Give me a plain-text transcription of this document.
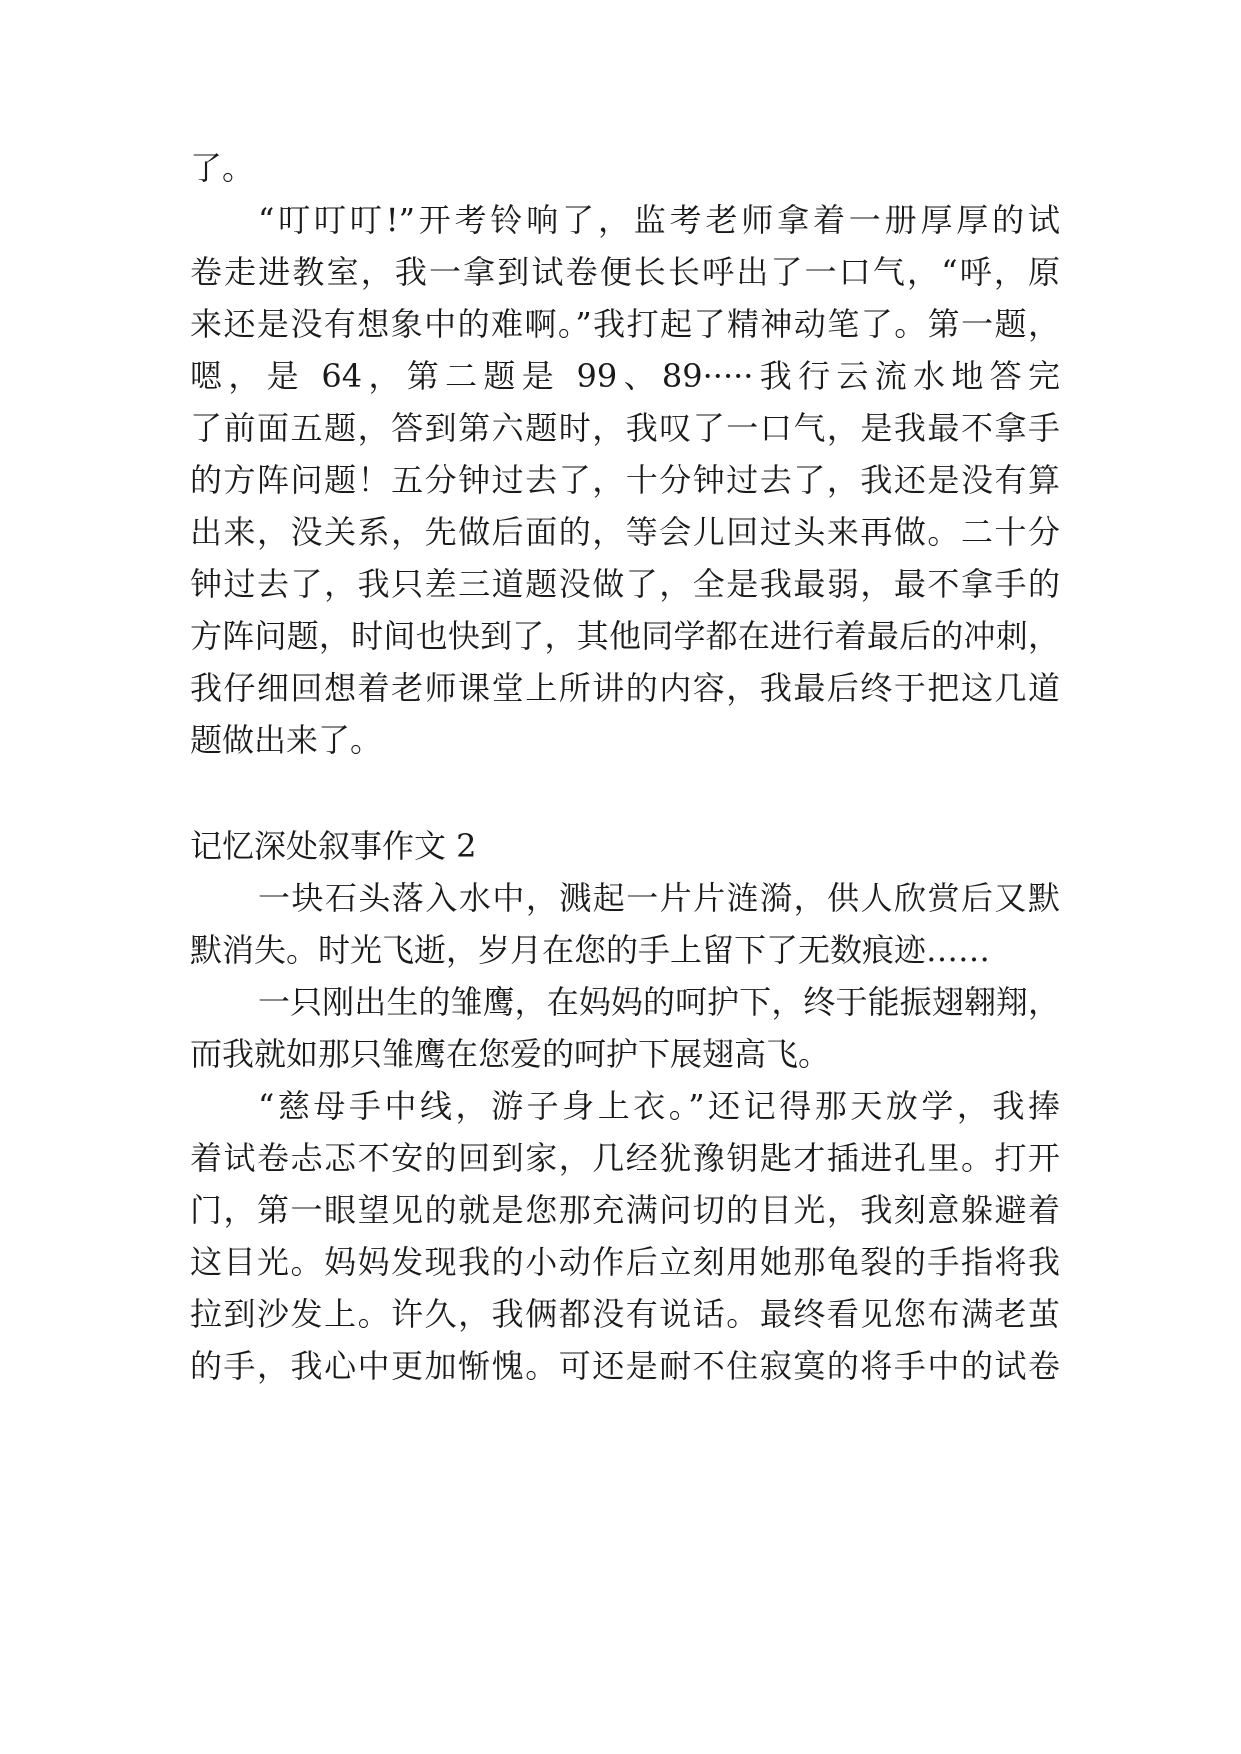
了。
“叮叮叮!”开考铃响了，监考老师拿着一册厚厚的试
卷走进教室，我一拿到试卷便长长呼出了一口气，“呼，原
来还是没有想象中的难啊。”我打起了精神动笔了。第一题，
嗯，是 64，第二题是 99、89·····我行云流水地答完
了前面五题，答到第六题时，我叹了一口气，是我最不拿手
的方阵问题！五分钟过去了，十分钟过去了，我还是没有算
出来，没关系，先做后面的，等会儿回过头来再做。二十分
钟过去了，我只差三道题没做了，全是我最弱，最不拿手的
方阵问题，时间也快到了，其他同学都在进行着最后的冲刺，
我仔细回想着老师课堂上所讲的内容，我最后终于把这几道
题做出来了。
记忆深处叙事作文 2
一块石头落入水中，溅起一片片涟漪，供人欣赏后又默
默消失。时光飞逝，岁月在您的手上留下了无数痕迹……
一只刚出生的雏鹰，在妈妈的呵护下，终于能振翅翱翔，
而我就如那只雏鹰在您爱的呵护下展翅高飞。
“慈母手中线，游子身上衣。”还记得那天放学，我捧
着试卷忐忑不安的回到家，几经犹豫钥匙才插进孔里。打开
门，第一眼望见的就是您那充满问切的目光，我刻意躲避着
这目光。妈妈发现我的小动作后立刻用她那龟裂的手指将我
拉到沙发上。许久，我俩都没有说话。最终看见您布满老茧
的手，我心中更加惭愧。可还是耐不住寂寞的将手中的试卷
